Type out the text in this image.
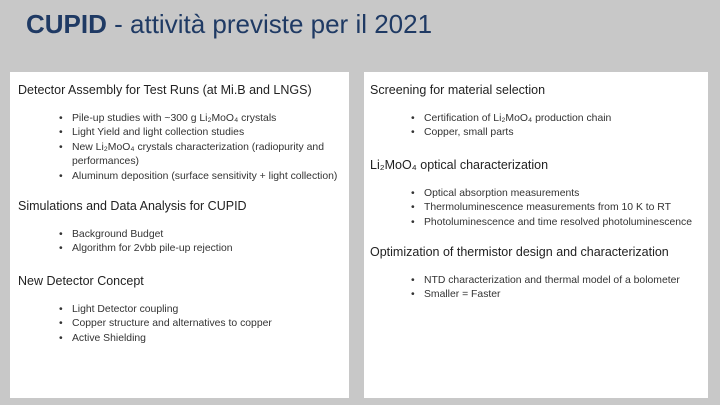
CUPID - attività previste per il 2021

Detector Assembly for Test Runs (at Mi.B and LNGS)

• Pile-up studies with ~300 g Li₂MoO₄ crystals
• Light Yield and light collection studies
• New Li₂MoO₄ crystals characterization (radiopurity and performances)
• Aluminum deposition (surface sensitivity + light collection)

Simulations and Data Analysis for CUPID

• Background Budget
• Algorithm for 2vbb pile-up rejection

New Detector Concept

• Light Detector coupling
• Copper structure and alternatives to copper
• Active Shielding

Screening for material selection

• Certification of Li₂MoO₄ production chain
• Copper, small parts

Li₂MoO₄ optical characterization

• Optical absorption measurements
• Thermoluminescence measurements from 10 K to RT
• Photoluminescence and time resolved photoluminescence

Optimization of thermistor design and characterization

• NTD characterization and thermal model of a bolometer
• Smaller = Faster
